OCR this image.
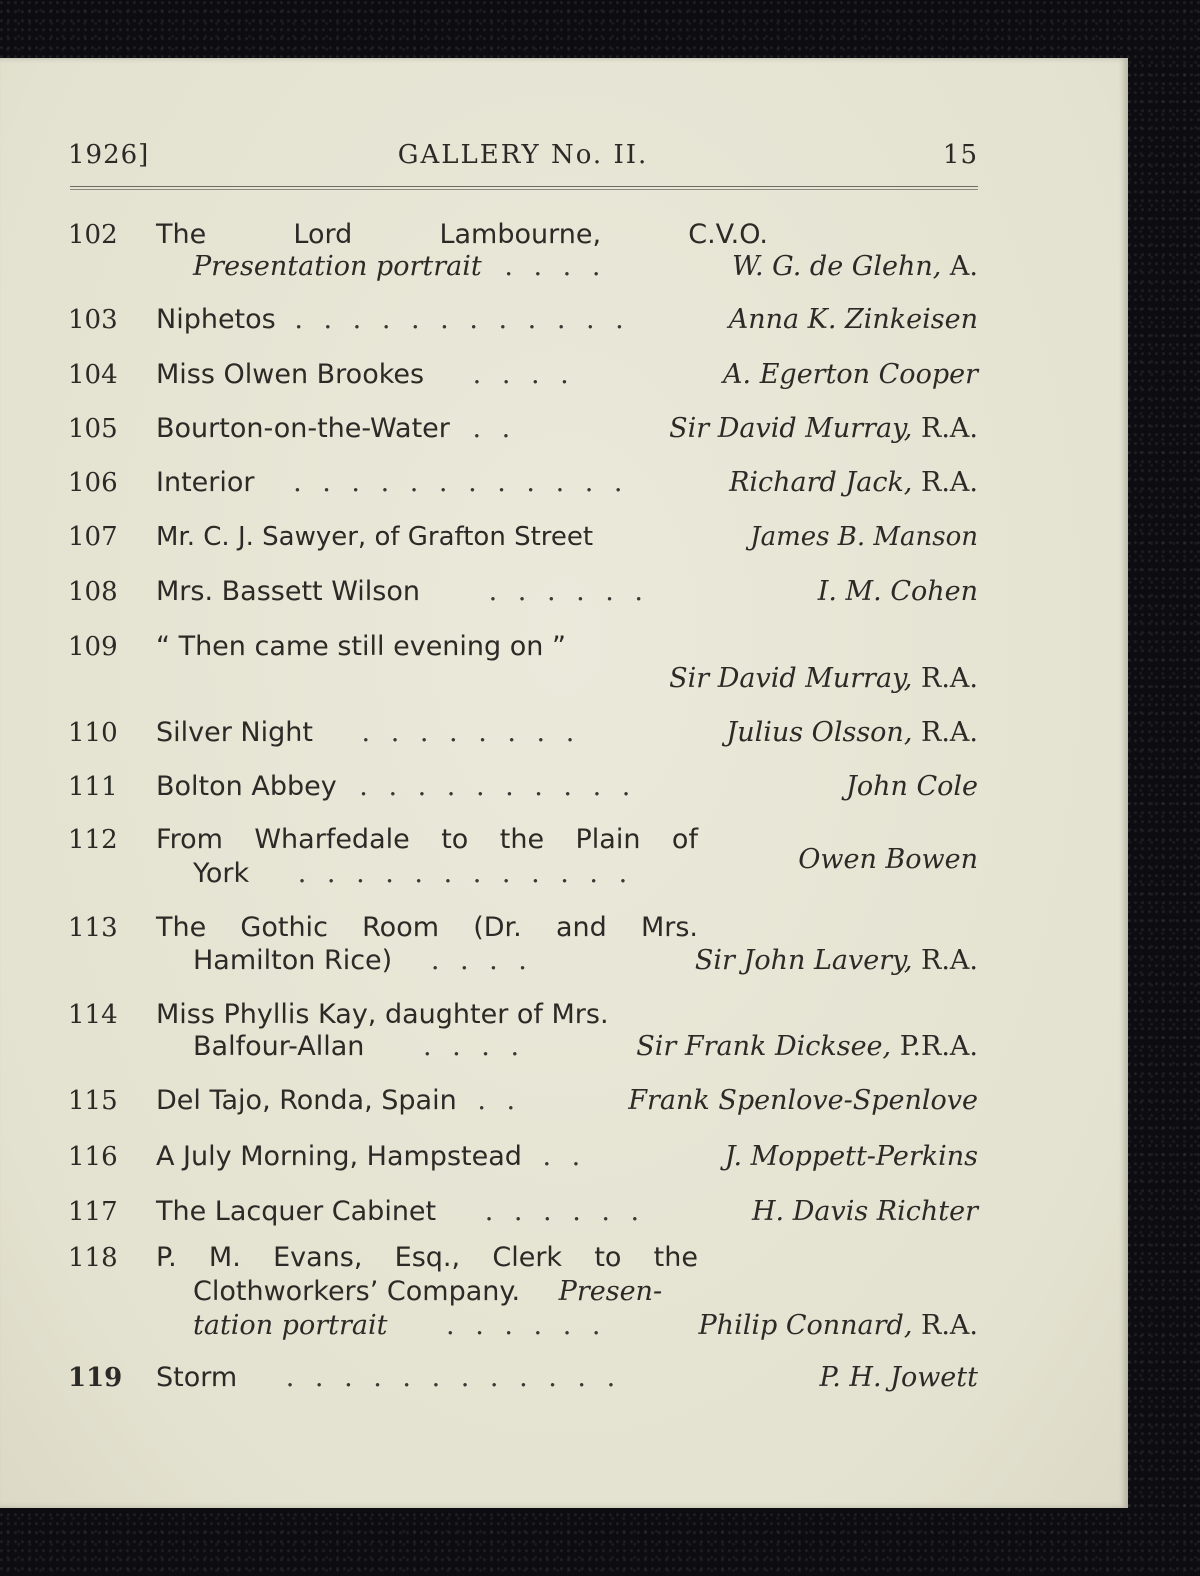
1926]	GALLERY No. II.	15
102	The	Lord	Lambourne,	C.V.O.
Presentation portrait . . . .	W. G. de Glehn, A.
103	Niphetos . . . . . . . . . . . .	Anna K. Zinkeisen
104	Miss Olwen Brookes . . . .	A. Egerton Cooper
105	Bourton-on-the-Water . .	Sir David Murray, R.A.
106	Interior . . . . . . . . . . . .	Richard Jack, R.A.
107	Mr. C. J. Sawyer, of Grafton Street	James B. Manson
108	Mrs. Bassett Wilson	. . . . . .	I. M. Cohen
109	“ Then came still evening on ”
Sir David Murray, R.A.
110	Silver Night . . . . . . . .	Julius Olsson, R.A.
111	Bolton Abbey . . . . . . . . . .	John Cole
112	From Wharfedale to the Plain of
York . . . . . . . . . . . .	Owen Bowen
113	The Gothic Room (Dr. and Mrs.
Hamilton Rice) . . . .	Sir John Lavery, R.A.
114	Miss Phyllis Kay, daughter of Mrs.
Balfour-Allan . . . .	Sir Frank Dicksee, P.R.A.
115	Del Tajo, Ronda, Spain . .	Frank Spenlove-Spenlove
116	A July Morning, Hampstead . .	J. Moppett-Perkins
117	The Lacquer Cabinet . . . . . .	H. Davis Richter
118	P. M. Evans, Esq., Clerk to the
Clothworkers’ Company. Presen-
tation portrait . . . . . .	Philip Connard, R.A.
119	Storm . . . . . . . . . . . .	P. H. Jowett
